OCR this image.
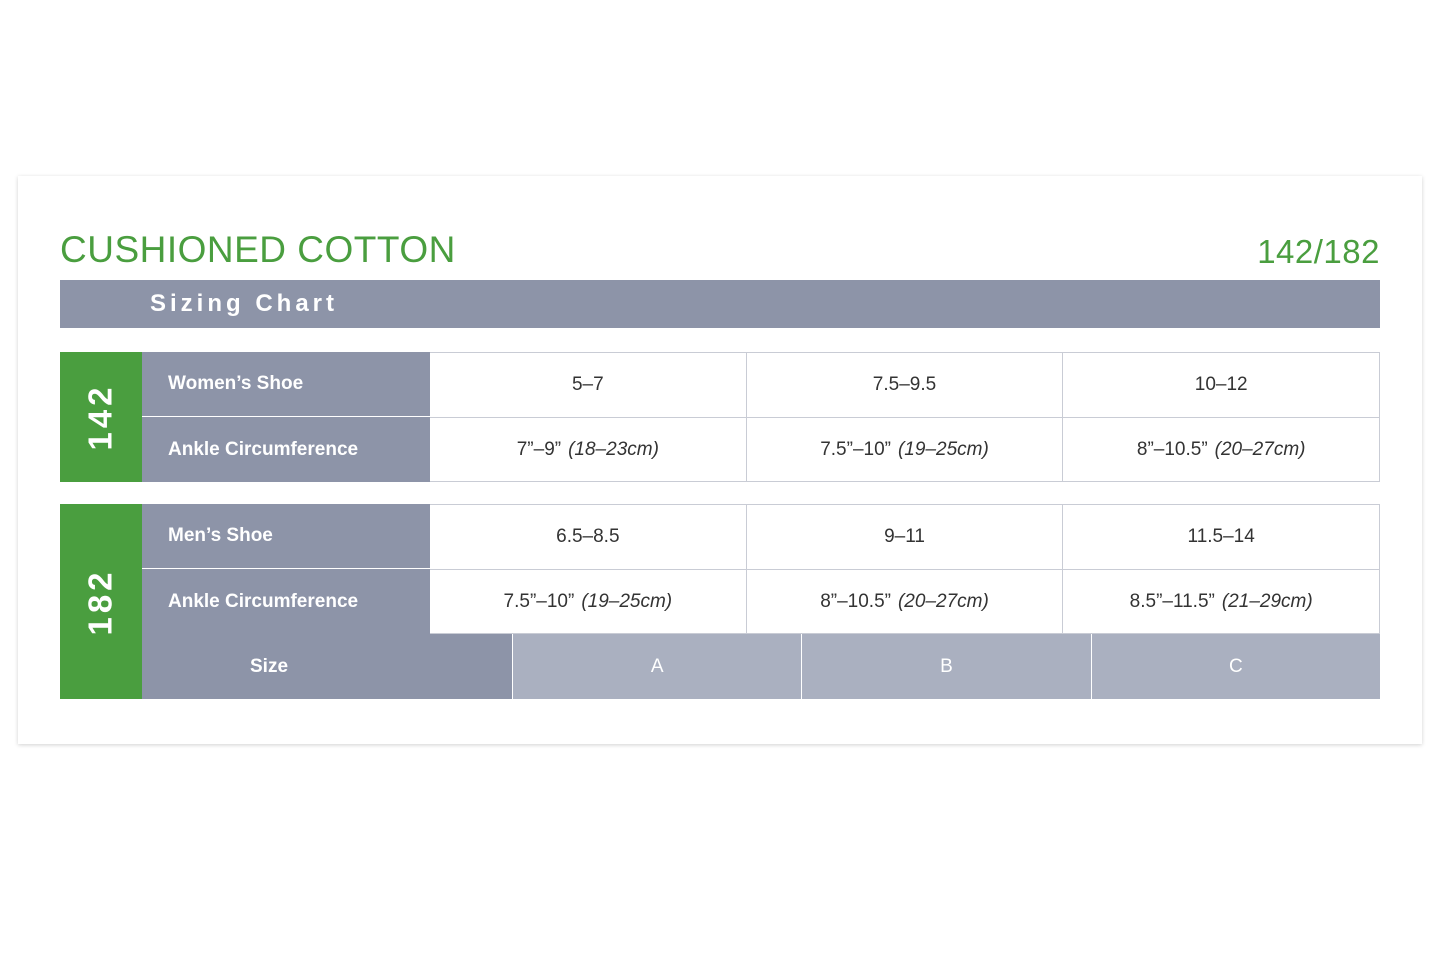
CUSHIONED COTTON	142/182
Sizing Chart
142	Women’s Shoe	5–7	7.5–9.5	10–12
Ankle Circumference	7”–9” (18–23cm)	7.5”–10” (19–25cm)	8”–10.5” (20–27cm)
182
Men’s Shoe	6.5–8.5	9–11	11.5–14
Ankle Circumference	7.5”–10” (19–25cm)	8”–10.5” (20–27cm)	8.5”–11.5” (21–29cm)
Size	A	B	C
